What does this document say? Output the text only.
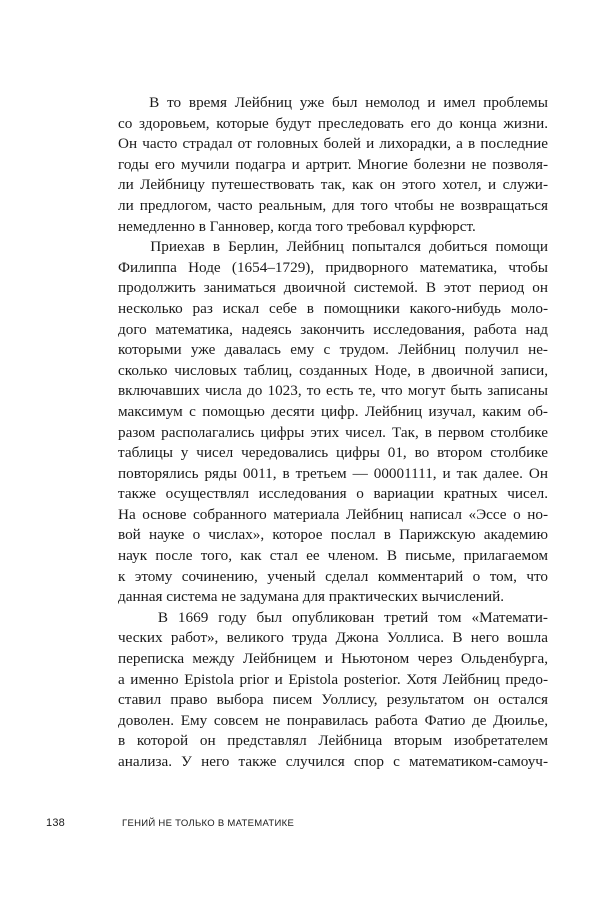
В то время Лейбниц уже был немолод и имел проблемы
со здоровьем, которые будут преследовать его до конца жизни.
Он часто страдал от головных болей и лихорадки, а в последние
годы его мучили подагра и артрит. Многие болезни не позволя-
ли Лейбницу путешествовать так, как он этого хотел, и служи-
ли предлогом, часто реальным, для того чтобы не возвращаться
немедленно в Ганновер, когда того требовал курфюрст.
Приехав в Берлин, Лейбниц попытался добиться помощи
Филиппа Ноде (1654–1729), придворного математика, чтобы
продолжить заниматься двоичной системой. В этот период он
несколько раз искал себе в помощники какого-нибудь моло-
дого математика, надеясь закончить исследования, работа над
которыми уже давалась ему с трудом. Лейбниц получил не-
сколько числовых таблиц, созданных Ноде, в двоичной записи,
включавших числа до 1023, то есть те, что могут быть записаны
максимум с помощью десяти цифр. Лейбниц изучал, каким об-
разом располагались цифры этих чисел. Так, в первом столбике
таблицы у чисел чередовались цифры 01, во втором столбике
повторялись ряды 0011, в третьем — 00001111, и так далее. Он
также осуществлял исследования о вариации кратных чисел.
На основе собранного материала Лейбниц написал «Эссе о но-
вой науке о числах», которое послал в Парижскую академию
наук после того, как стал ее членом. В письме, прилагаемом
к этому сочинению, ученый сделал комментарий о том, что
данная система не задумана для практических вычислений.
В 1669 году был опубликован третий том «Математи-
ческих работ», великого труда Джона Уоллиса. В него вошла
переписка между Лейбницем и Ньютоном через Ольденбурга,
а именно Epistola prior и Epistola posterior. Хотя Лейбниц предо-
ставил право выбора писем Уоллису, результатом он остался
доволен. Ему совсем не понравилась работа Фатио де Дюилье,
в которой он представлял Лейбница вторым изобретателем
анализа. У него также случился спор с математиком-самоуч-
138	ГЕНИЙ НЕ ТОЛЬКО В МАТЕМАТИКЕ
